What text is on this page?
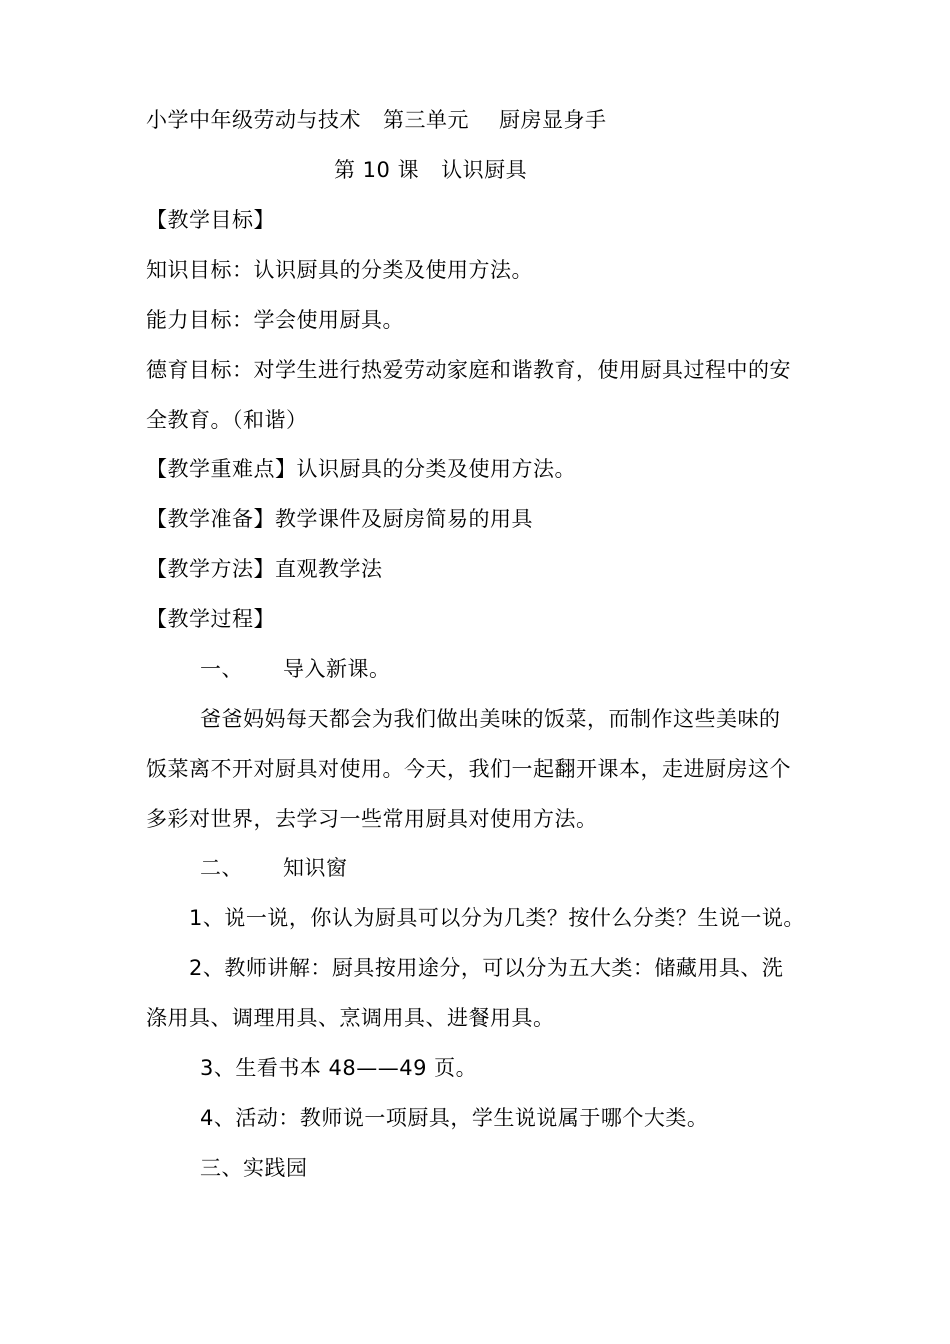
小学中年级劳动与技术 第三单元 厨房显身手
第 10 课 认识厨具
【教学目标】
知识目标：认识厨具的分类及使用方法。
能力目标：学会使用厨具。
德育目标：对学生进行热爱劳动家庭和谐教育，使用厨具过程中的安
全教育。（和谐）
【教学重难点】认识厨具的分类及使用方法。
【教学准备】教学课件及厨房简易的用具
【教学方法】直观教学法
【教学过程】
一、 导入新课。
爸爸妈妈每天都会为我们做出美味的饭菜，而制作这些美味的
饭菜离不开对厨具对使用。今天，我们一起翻开课本，走进厨房这个
多彩对世界，去学习一些常用厨具对使用方法。
二、 知识窗
1、说一说，你认为厨具可以分为几类？按什么分类？生说一说。
2、教师讲解：厨具按用途分，可以分为五大类：储藏用具、洗
涤用具、调理用具、烹调用具、进餐用具。
3、生看书本 48——49 页。
4、活动：教师说一项厨具，学生说说属于哪个大类。
三、实践园
